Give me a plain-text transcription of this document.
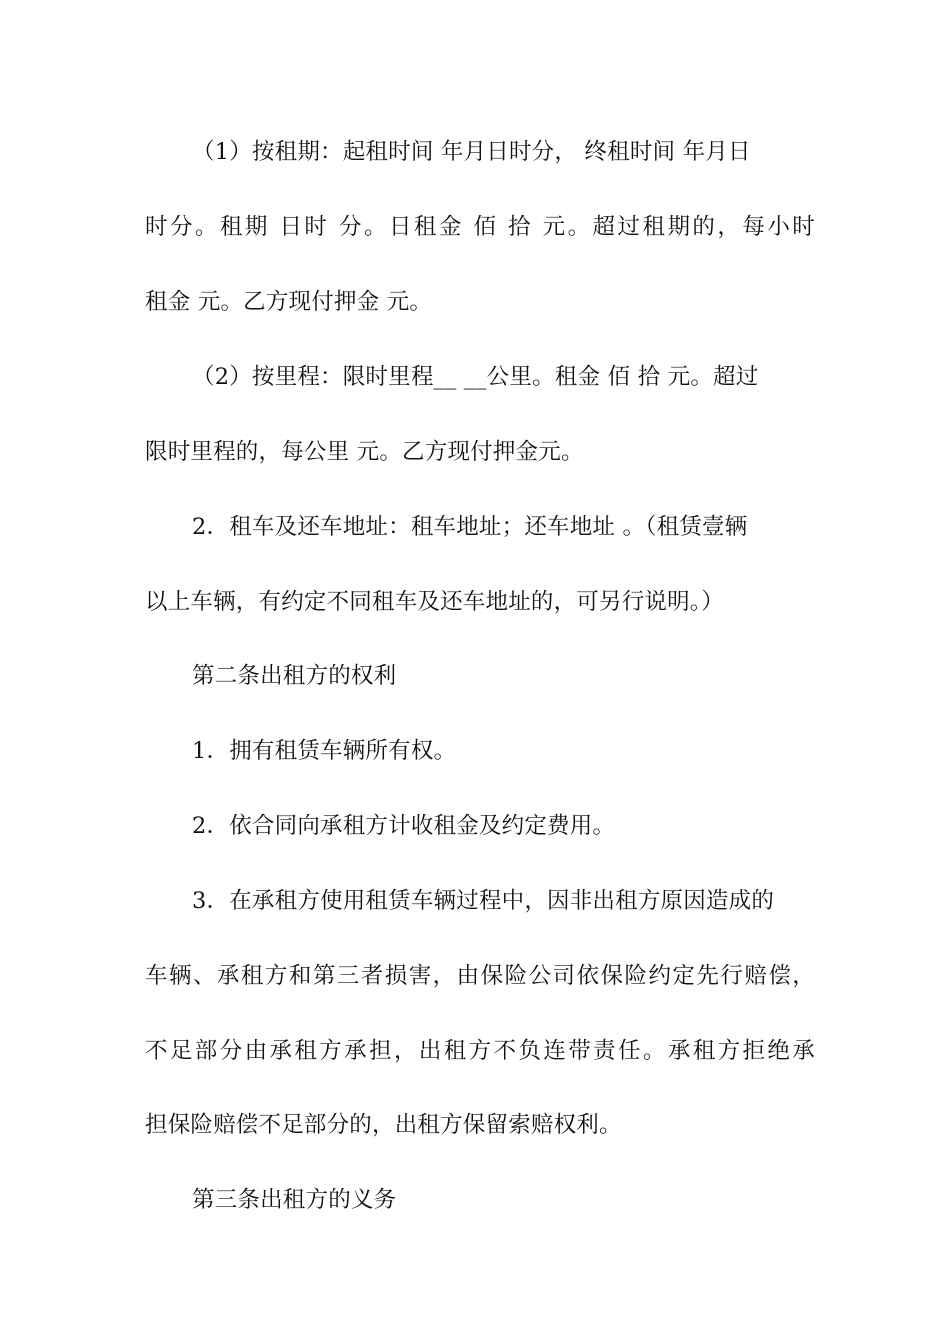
（1）按租期：起租时间 年月日时分， 终租时间 年月日
时分。租期 日时 分。日租金 佰 拾 元。超过租期的，每小时
租金 元。乙方现付押金 元。
（2）按里程：限时里程__ __公里。租金 佰 拾 元。超过
限时里程的，每公里 元。乙方现付押金元。
2．租车及还车地址：租车地址；还车地址 。（租赁壹辆
以上车辆，有约定不同租车及还车地址的，可另行说明。）
第二条出租方的权利
1．拥有租赁车辆所有权。
2．依合同向承租方计收租金及约定费用。
3．在承租方使用租赁车辆过程中，因非出租方原因造成的
车辆、承租方和第三者损害，由保险公司依保险约定先行赔偿，
不足部分由承租方承担，出租方不负连带责任。承租方拒绝承
担保险赔偿不足部分的，出租方保留索赔权利。
第三条出租方的义务
